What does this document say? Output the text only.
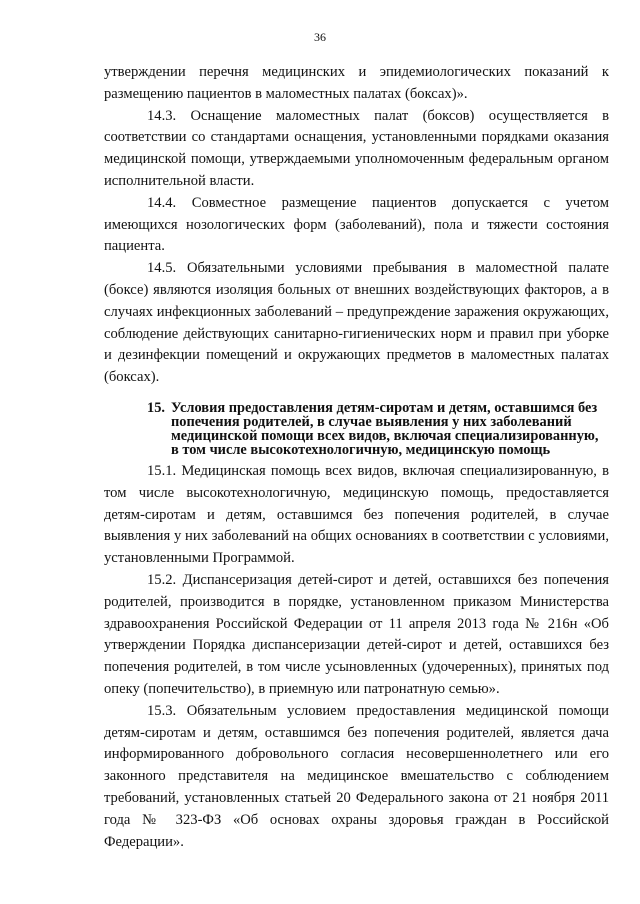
36

утверждении перечня медицинских и эпидемиологических показаний к размещению пациентов в маломестных палатах (боксах)».

14.3. Оснащение маломестных палат (боксов) осуществляется в соответствии со стандартами оснащения, установленными порядками оказания медицинской помощи, утверждаемыми уполномоченным федеральным органом исполнительной власти.

14.4. Совместное размещение пациентов допускается с учетом имеющихся нозологических форм (заболеваний), пола и тяжести состояния пациента.

14.5. Обязательными условиями пребывания в маломестной палате (боксе) являются изоляция больных от внешних воздействующих факторов, а в случаях инфекционных заболеваний – предупреждение заражения окружающих, соблюдение действующих санитарно-гигиенических норм и правил при уборке и дезинфекции помещений и окружающих предметов в маломестных палатах (боксах).

15. Условия предоставления детям-сиротам и детям, оставшимся без попечения родителей, в случае выявления у них заболеваний медицинской помощи всех видов, включая специализированную, в том числе высокотехнологичную, медицинскую помощь

15.1. Медицинская помощь всех видов, включая специализированную, в том числе высокотехнологичную, медицинскую помощь, предоставляется детям-сиротам и детям, оставшимся без попечения родителей, в случае выявления у них заболеваний на общих основаниях в соответствии с условиями, установленными Программой.

15.2. Диспансеризация детей-сирот и детей, оставшихся без попечения родителей, производится в порядке, установленном приказом Министерства здравоохранения Российской Федерации от 11 апреля 2013 года № 216н «Об утверждении Порядка диспансеризации детей-сирот и детей, оставшихся без попечения родителей, в том числе усыновленных (удочеренных), принятых под опеку (попечительство), в приемную или патронатную семью».

15.3. Обязательным условием предоставления медицинской помощи детям-сиротам и детям, оставшимся без попечения родителей, является дача информированного добровольного согласия несовершеннолетнего или его законного представителя на медицинское вмешательство с соблюдением требований, установленных статьей 20 Федерального закона от 21 ноября 2011 года № 323-ФЗ «Об основах охраны здоровья граждан в Российской Федерации».
